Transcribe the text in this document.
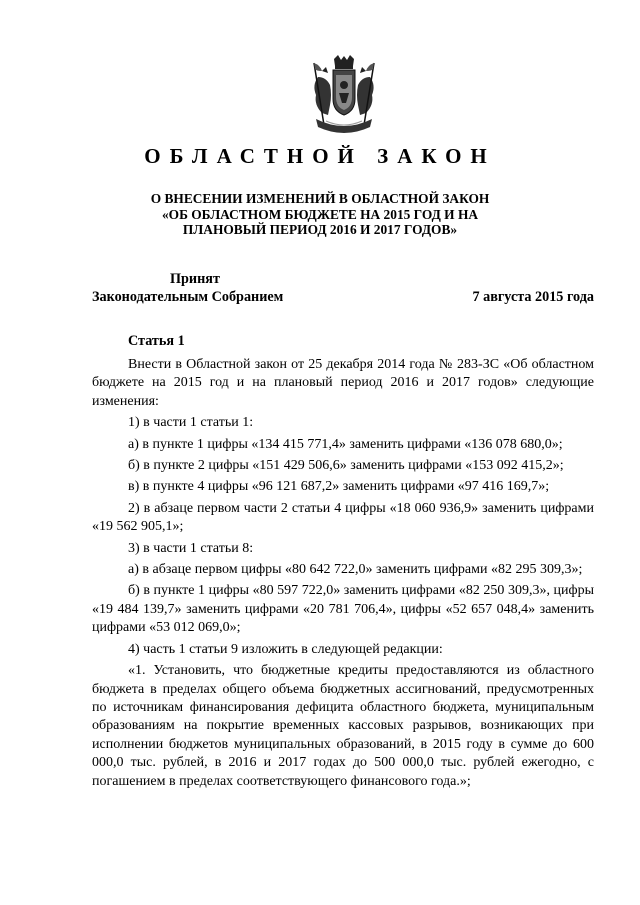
ОБЛАСТНОЙ ЗАКОН
О ВНЕСЕНИИ ИЗМЕНЕНИЙ В ОБЛАСТНОЙ ЗАКОН
«ОБ ОБЛАСТНОМ БЮДЖЕТЕ НА 2015 ГОД И НА
ПЛАНОВЫЙ ПЕРИОД 2016 И 2017 ГОДОВ»
Принят
Законодательным Собранием	7 августа 2015 года
Статья 1

Внести в Областной закон от 25 декабря 2014 года № 283-ЗС «Об областном бюджете на 2015 год и на плановый период 2016 и 2017 годов» следующие изменения:

1) в части 1 статьи 1:

а) в пункте 1 цифры «134 415 771,4» заменить цифрами «136 078 680,0»;

б) в пункте 2 цифры «151 429 506,6» заменить цифрами «153 092 415,2»;

в) в пункте 4 цифры «96 121 687,2» заменить цифрами «97 416 169,7»;

2) в абзаце первом части 2 статьи 4 цифры «18 060 936,9» заменить цифрами «19 562 905,1»;

3) в части 1 статьи 8:

а) в абзаце первом цифры «80 642 722,0» заменить цифрами «82 295 309,3»;

б) в пункте 1 цифры «80 597 722,0» заменить цифрами «82 250 309,3», цифры «19 484 139,7» заменить цифрами «20 781 706,4», цифры «52 657 048,4» заменить цифрами «53 012 069,0»;

4) часть 1 статьи 9 изложить в следующей редакции:

«1. Установить, что бюджетные кредиты предоставляются из областного бюджета в пределах общего объема бюджетных ассигнований, предусмотренных по источникам финансирования дефицита областного бюджета, муниципальным образованиям на покрытие временных кассовых разрывов, возникающих при исполнении бюджетов муниципальных образований, в 2015 году в сумме до 600 000,0 тыс. рублей, в 2016 и 2017 годах до 500 000,0 тыс. рублей ежегодно, с погашением в пределах соответствующего финансового года.»;
